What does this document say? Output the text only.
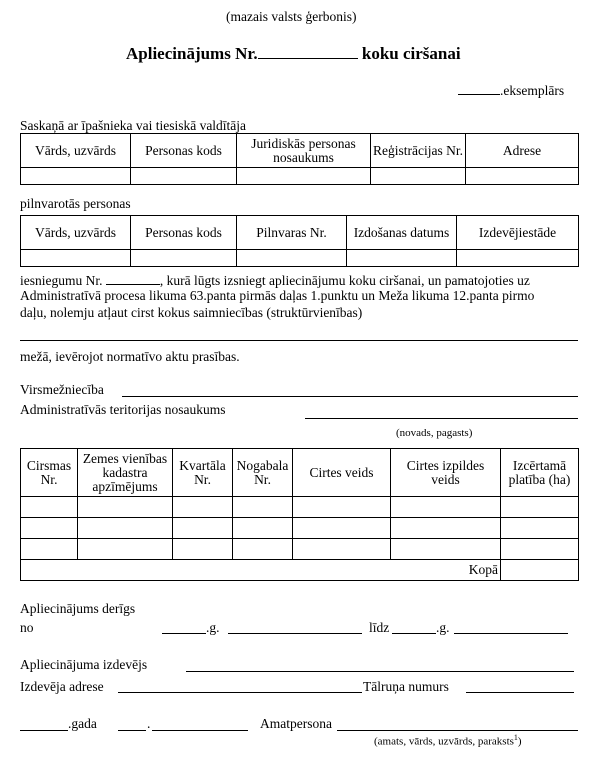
(mazais valsts ģerbonis)
Apliecinājums Nr.	koku ciršanai
.eksemplārs
Saskaņā ar īpašnieka vai tiesiskā valdītāja
Vārds, uzvārds	Personas kods	Juridiskās personas nosaukums	Reģistrācijas Nr.	Adrese

pilnvarotās personas
Vārds, uzvārds	Personas kods	Pilnvaras Nr.	Izdošanas datums	Izdevējiestāde

iesniegumu Nr.	, kurā lūgts izsniegt apliecinājumu koku ciršanai, un pamatojoties uz
Administratīvā procesa likuma 63.panta pirmās daļas 1.punktu un Meža likuma 12.panta pirmo
daļu, nolemju atļaut cirst kokus saimniecības (struktūrvienības)
mežā, ievērojot normatīvo aktu prasības.
Virsmežniecība
Administratīvās teritorijas nosaukums
(novads, pagasts)
Cirsmas Nr.	Zemes vienības kadastra apzīmējums	Kvartāla Nr.	Nogabala Nr.	Cirtes veids	Cirtes izpildes veids	Izcērtamā platība (ha)

Kopā						
Apliecinājums derīgs
no	.g.	līdz	.g.
Apliecinājuma izdevējs
Izdevēja adrese	Tālruņa numurs
.gada	.	Amatpersona
(amats, vārds, uzvārds, paraksts$^1$)
